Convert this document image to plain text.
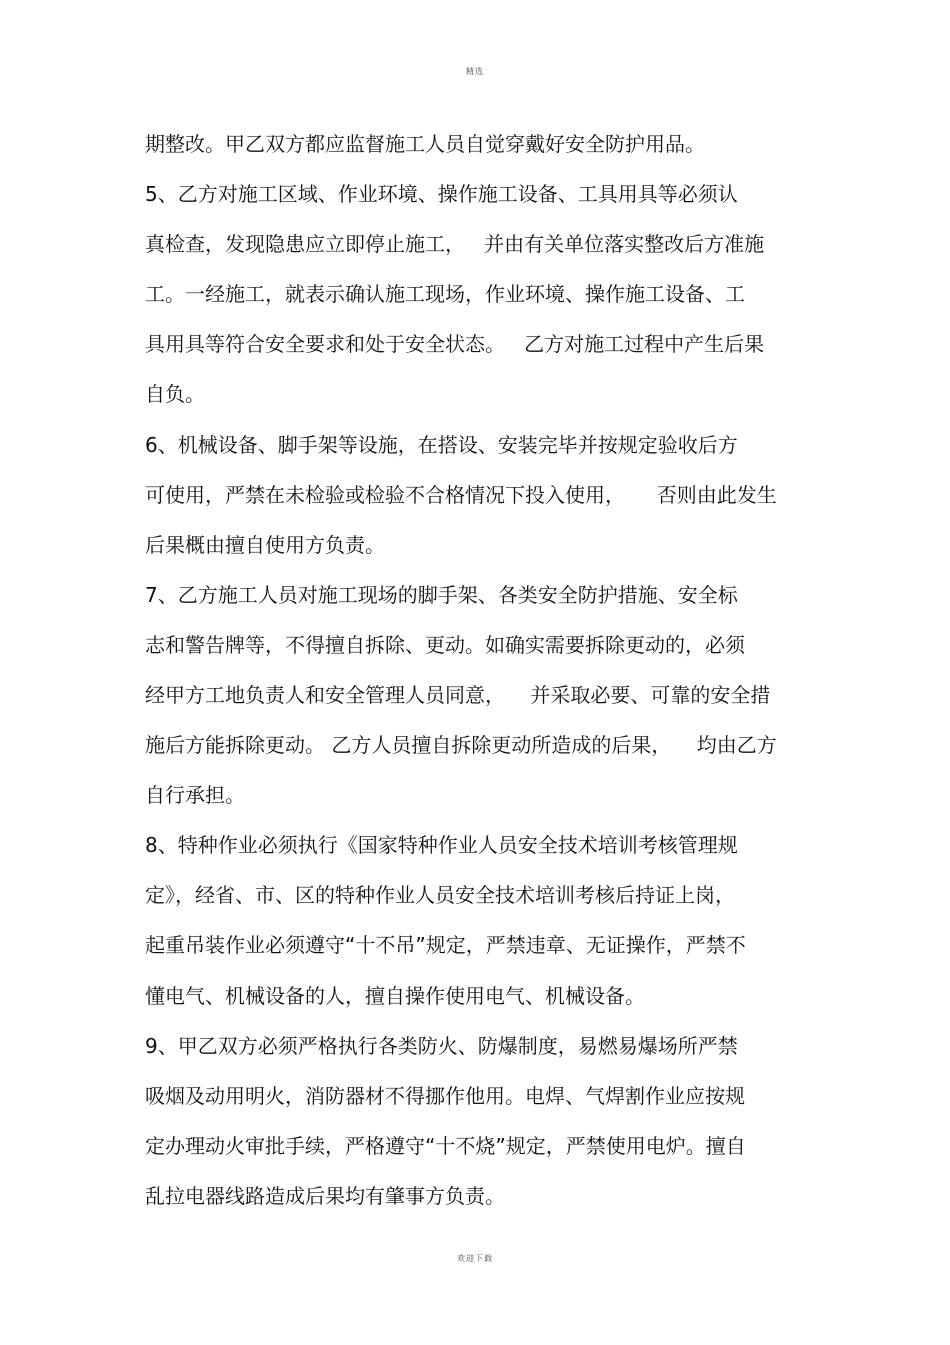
精选
期整改。甲乙双方都应监督施工人员自觉穿戴好安全防护用品。
5、乙方对施工区域、作业环境、操作施工设备、工具用具等必须认
真检查，发现隐患应立即停止施工，   并由有关单位落实整改后方准施
工。一经施工，就表示确认施工现场，作业环境、操作施工设备、工
具用具等符合安全要求和处于安全状态。   乙方对施工过程中产生后果
自负。
6、机械设备、脚手架等设施，在搭设、安装完毕并按规定验收后方
可使用，严禁在未检验或检验不合格情况下投入使用，     否则由此发生
后果概由擅自使用方负责。
7、乙方施工人员对施工现场的脚手架、各类安全防护措施、安全标
志和警告牌等，不得擅自拆除、更动。如确实需要拆除更动的，必须
经甲方工地负责人和安全管理人员同意，    并采取必要、可靠的安全措
施后方能拆除更动。 乙方人员擅自拆除更动所造成的后果，    均由乙方
自行承担。
8、特种作业必须执行《国家特种作业人员安全技术培训考核管理规
定》，经省、市、区的特种作业人员安全技术培训考核后持证上岗，
起重吊装作业必须遵守“十不吊”规定，严禁违章、无证操作，严禁不
懂电气、机械设备的人，擅自操作使用电气、机械设备。
9、甲乙双方必须严格执行各类防火、防爆制度，易燃易爆场所严禁
吸烟及动用明火，消防器材不得挪作他用。电焊、气焊割作业应按规
定办理动火审批手续，严格遵守“十不烧”规定，严禁使用电炉。擅自
乱拉电器线路造成后果均有肇事方负责。
欢迎下载
